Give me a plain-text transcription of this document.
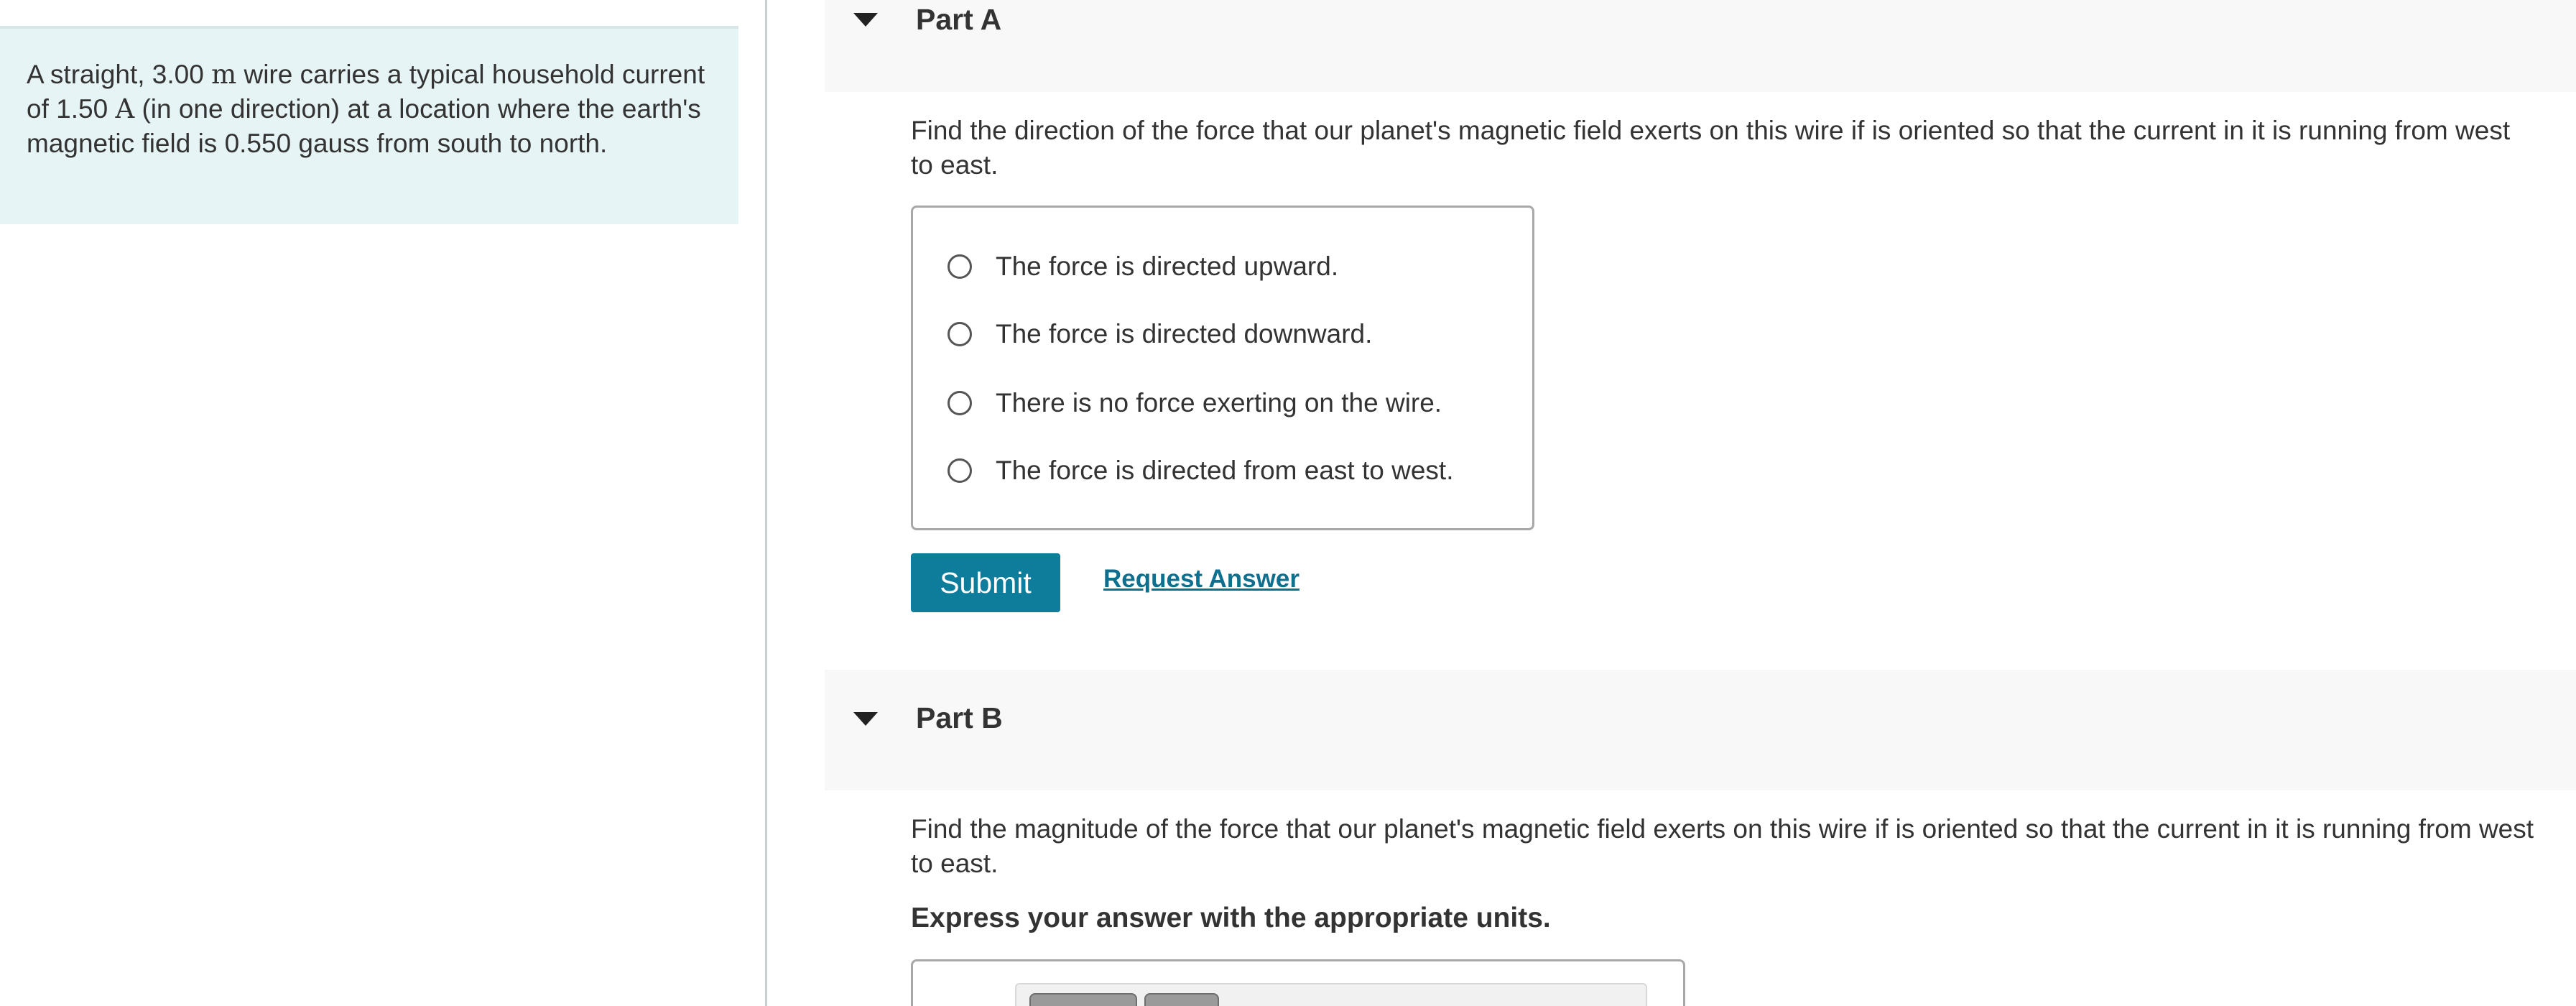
A straight, 3.00 m wire carries a typical household current of 1.50 A (in one direction) at a location where the earth's magnetic field is 0.550 gauss from south to north.
Part A
Find the direction of the force that our planet's magnetic field exerts on this wire if is oriented so that the current in it is running from west to east.
The force is directed upward.
The force is directed downward.
There is no force exerting on the wire.
The force is directed from east to west.
Submit	Request Answer
Part B
Find the magnitude of the force that our planet's magnetic field exerts on this wire if is oriented so that the current in it is running from west to east.
Express your answer with the appropriate units.
